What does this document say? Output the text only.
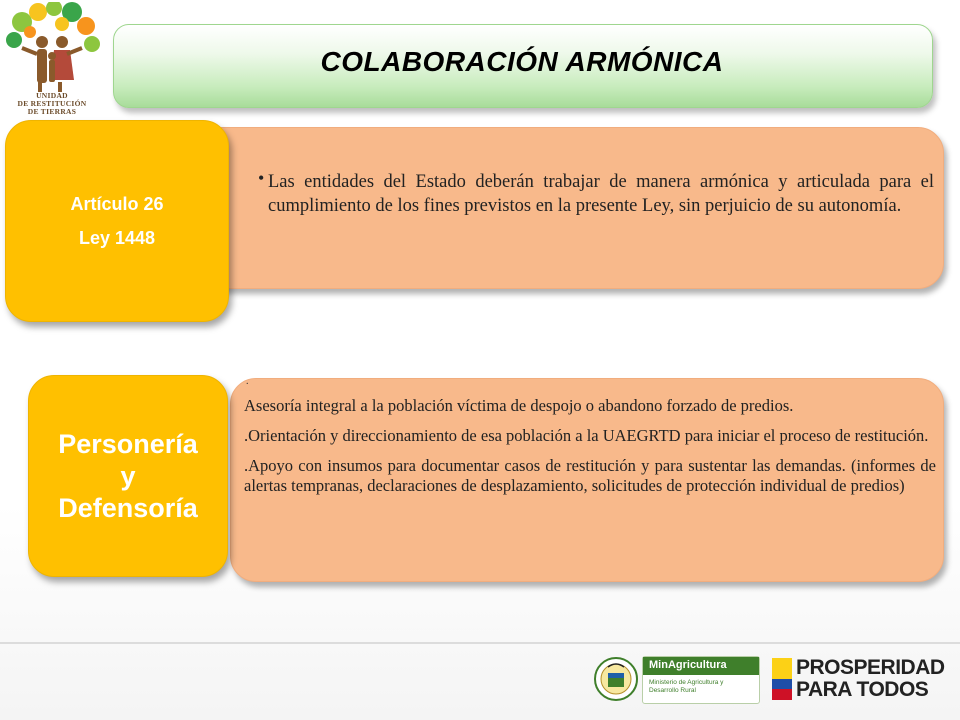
UNIDAD
DE RESTITUCIÓN
DE TIERRAS
COLABORACIÓN ARMÓNICA
• Las entidades del Estado deberán trabajar de manera armónica y articulada para el cumplimiento de los fines previstos en la presente Ley, sin perjuicio de su autonomía.

Artículo 26
Ley 1448
.

Asesoría integral a la población víctima de despojo o abandono forzado de predios.

.Orientación y direccionamiento de esa población a la UAEGRTD para iniciar el proceso de restitución.

.Apoyo con insumos para documentar casos de restitución y para sustentar las demandas. (informes de alertas tempranas, declaraciones de desplazamiento, solicitudes de protección individual de predios)

Personería
y
Defensoría
MinAgricultura
Ministerio de Agricultura y Desarrollo Rural
PROSPERIDAD
PARA TODOS
